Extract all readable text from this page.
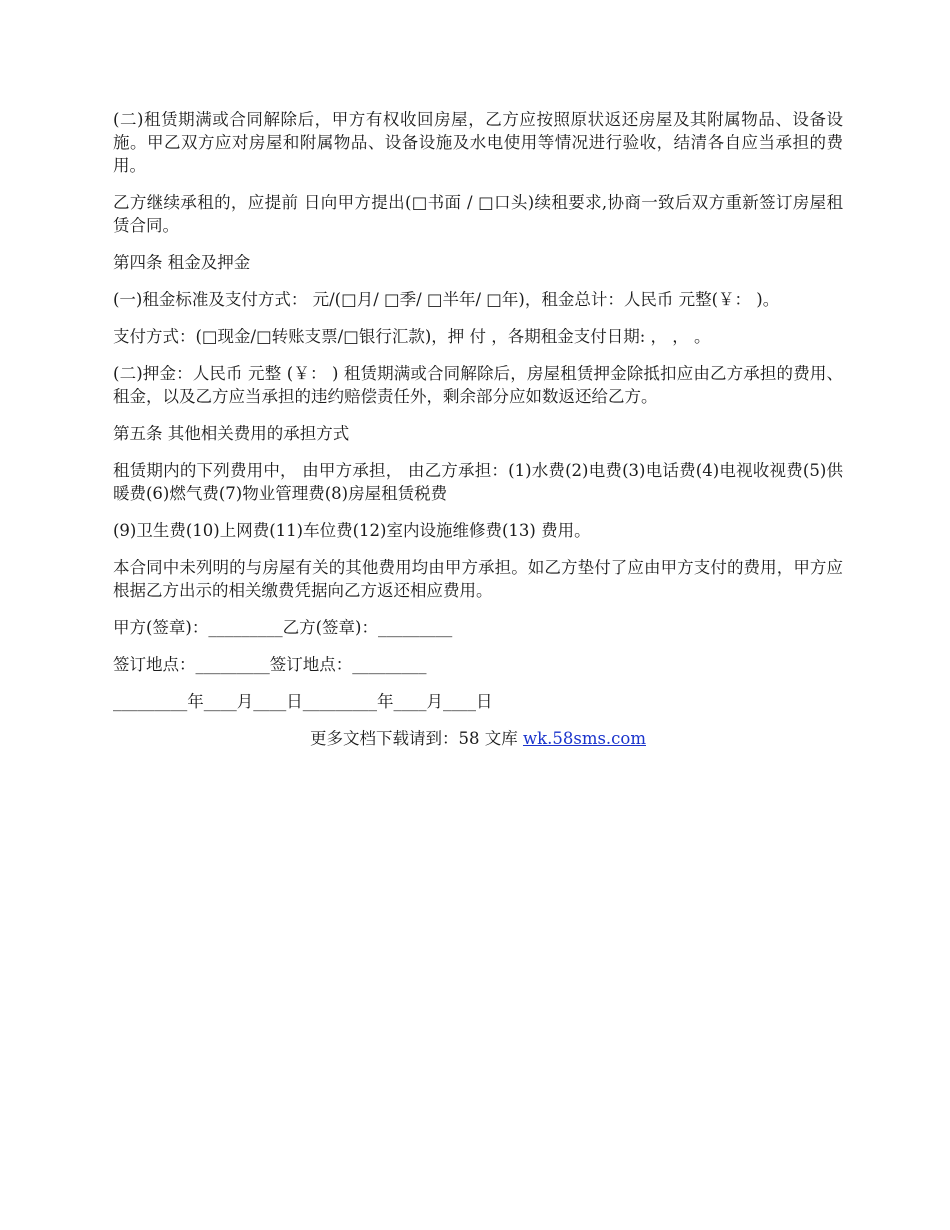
(二)租赁期满或合同解除后，甲方有权收回房屋，乙方应按照原状返还房屋及其附属物品、设备设施。甲乙双方应对房屋和附属物品、设备设施及水电使用等情况进行验收，结清各自应当承担的费用。

乙方继续承租的，应提前 日向甲方提出(□书面 / □口头)续租要求,协商一致后双方重新签订房屋租赁合同。

第四条 租金及押金

(一)租金标准及支付方式： 元/(□月/ □季/ □半年/ □年)，租金总计：人民币 元整(￥： )。

支付方式：(□现金/□转账支票/□银行汇款)，押 付 ，各期租金支付日期: ， ， 。

(二)押金：人民币 元整 (￥： ) 租赁期满或合同解除后，房屋租赁押金除抵扣应由乙方承担的费用、租金，以及乙方应当承担的违约赔偿责任外，剩余部分应如数返还给乙方。

第五条 其他相关费用的承担方式

租赁期内的下列费用中， 由甲方承担， 由乙方承担：(1)水费(2)电费(3)电话费(4)电视收视费(5)供暖费(6)燃气费(7)物业管理费(8)房屋租赁税费

(9)卫生费(10)上网费(11)车位费(12)室内设施维修费(13) 费用。

本合同中未列明的与房屋有关的其他费用均由甲方承担。如乙方垫付了应由甲方支付的费用，甲方应根据乙方出示的相关缴费凭据向乙方返还相应费用。

甲方(签章)：_________乙方(签章)：_________

签订地点：_________签订地点：_________

_________年____月____日_________年____月____日

更多文档下载请到：58 文库 wk.58sms.com
